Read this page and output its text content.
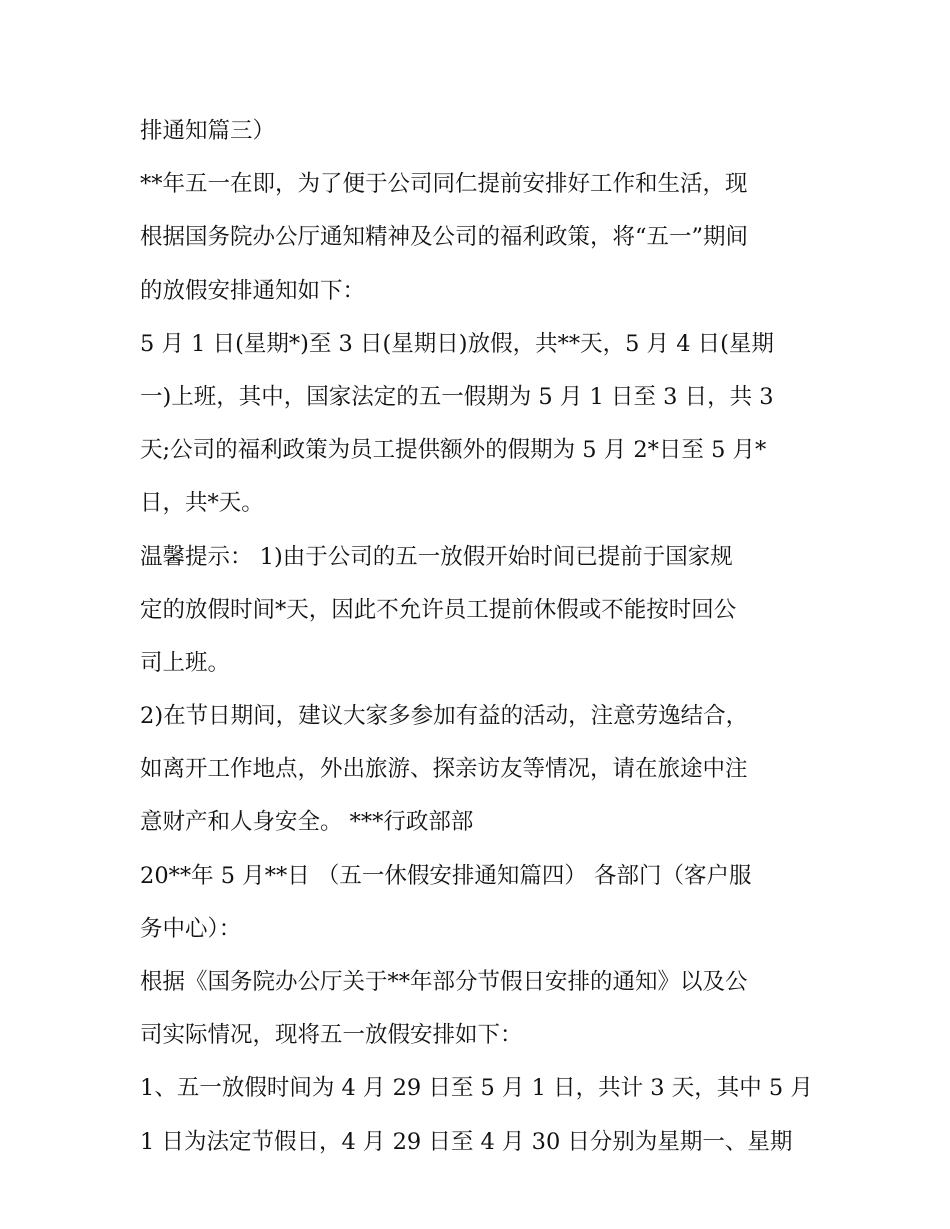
排通知篇三）
**年五一在即，为了便于公司同仁提前安排好工作和生活，现
根据国务院办公厅通知精神及公司的福利政策，将“五一”期间
的放假安排通知如下：
5 月 1 日(星期*)至 3 日(星期日)放假，共**天，5 月 4 日(星期
一)上班，其中，国家法定的五一假期为 5 月 1 日至 3 日，共 3
天;公司的福利政策为员工提供额外的假期为 5 月 2*日至 5 月*
日，共*天。
温馨提示： 1)由于公司的五一放假开始时间已提前于国家规
定的放假时间*天，因此不允许员工提前休假或不能按时回公
司上班。
2)在节日期间，建议大家多参加有益的活动，注意劳逸结合，
如离开工作地点，外出旅游、探亲访友等情况，请在旅途中注
意财产和人身安全。 ***行政部部
20**年 5 月**日 （五一休假安排通知篇四） 各部门（客户服
务中心）：
根据《国务院办公厅关于**年部分节假日安排的通知》以及公
司实际情况，现将五一放假安排如下：
1、五一放假时间为 4 月 29 日至 5 月 1 日，共计 3 天，其中 5 月
1 日为法定节假日，4 月 29 日至 4 月 30 日分别为星期一、星期
